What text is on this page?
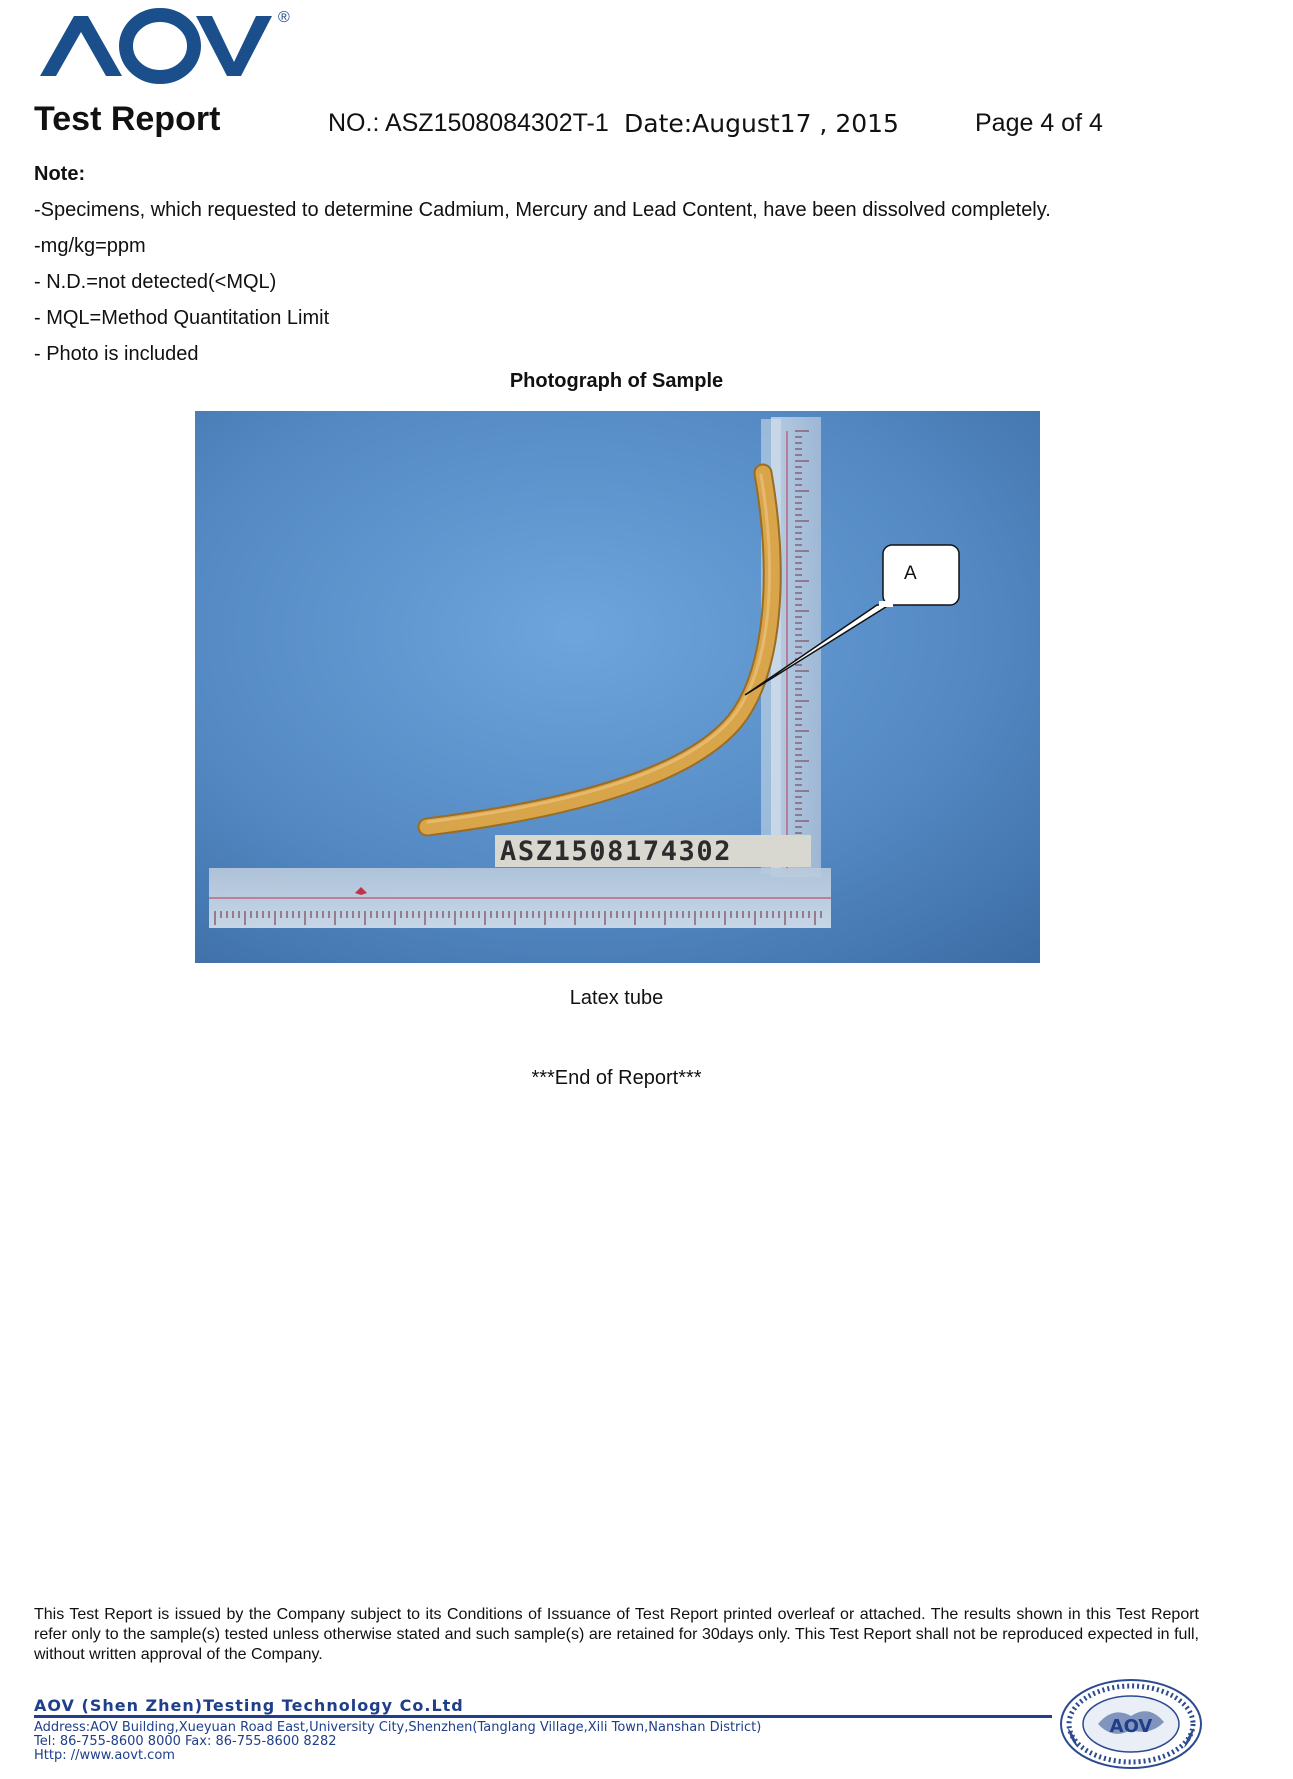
®
Test Report	NO.: ASZ1508084302T-1 Date:August17 , 2015	Page 4 of 4
Note:
-Specimens, which requested to determine Cadmium, Mercury and Lead Content, have been dissolved completely.
-mg/kg=ppm
- N.D.=not detected(<MQL)
- MQL=Method Quantitation Limit
- Photo is included
Photograph of Sample
ASZ1508174302
A
Latex tube
***End of Report***
This Test Report is issued by the Company subject to its Conditions of Issuance of Test Report printed overleaf or attached. The results shown in this Test Report refer only to the sample(s) tested unless otherwise stated and such sample(s) are retained for 30days only. This Test Report shall not be reproduced expected in full, without written approval of the Company.
AOV (Shen Zhen)Testing Technology Co.Ltd
Address:AOV Building,Xueyuan Road East,University City,Shenzhen(Tanglang Village,Xili Town,Nanshan District)
Tel: 86-755-8600 8000 Fax: 86-755-8600 8282
Http: //www.aovt.com
AOV
